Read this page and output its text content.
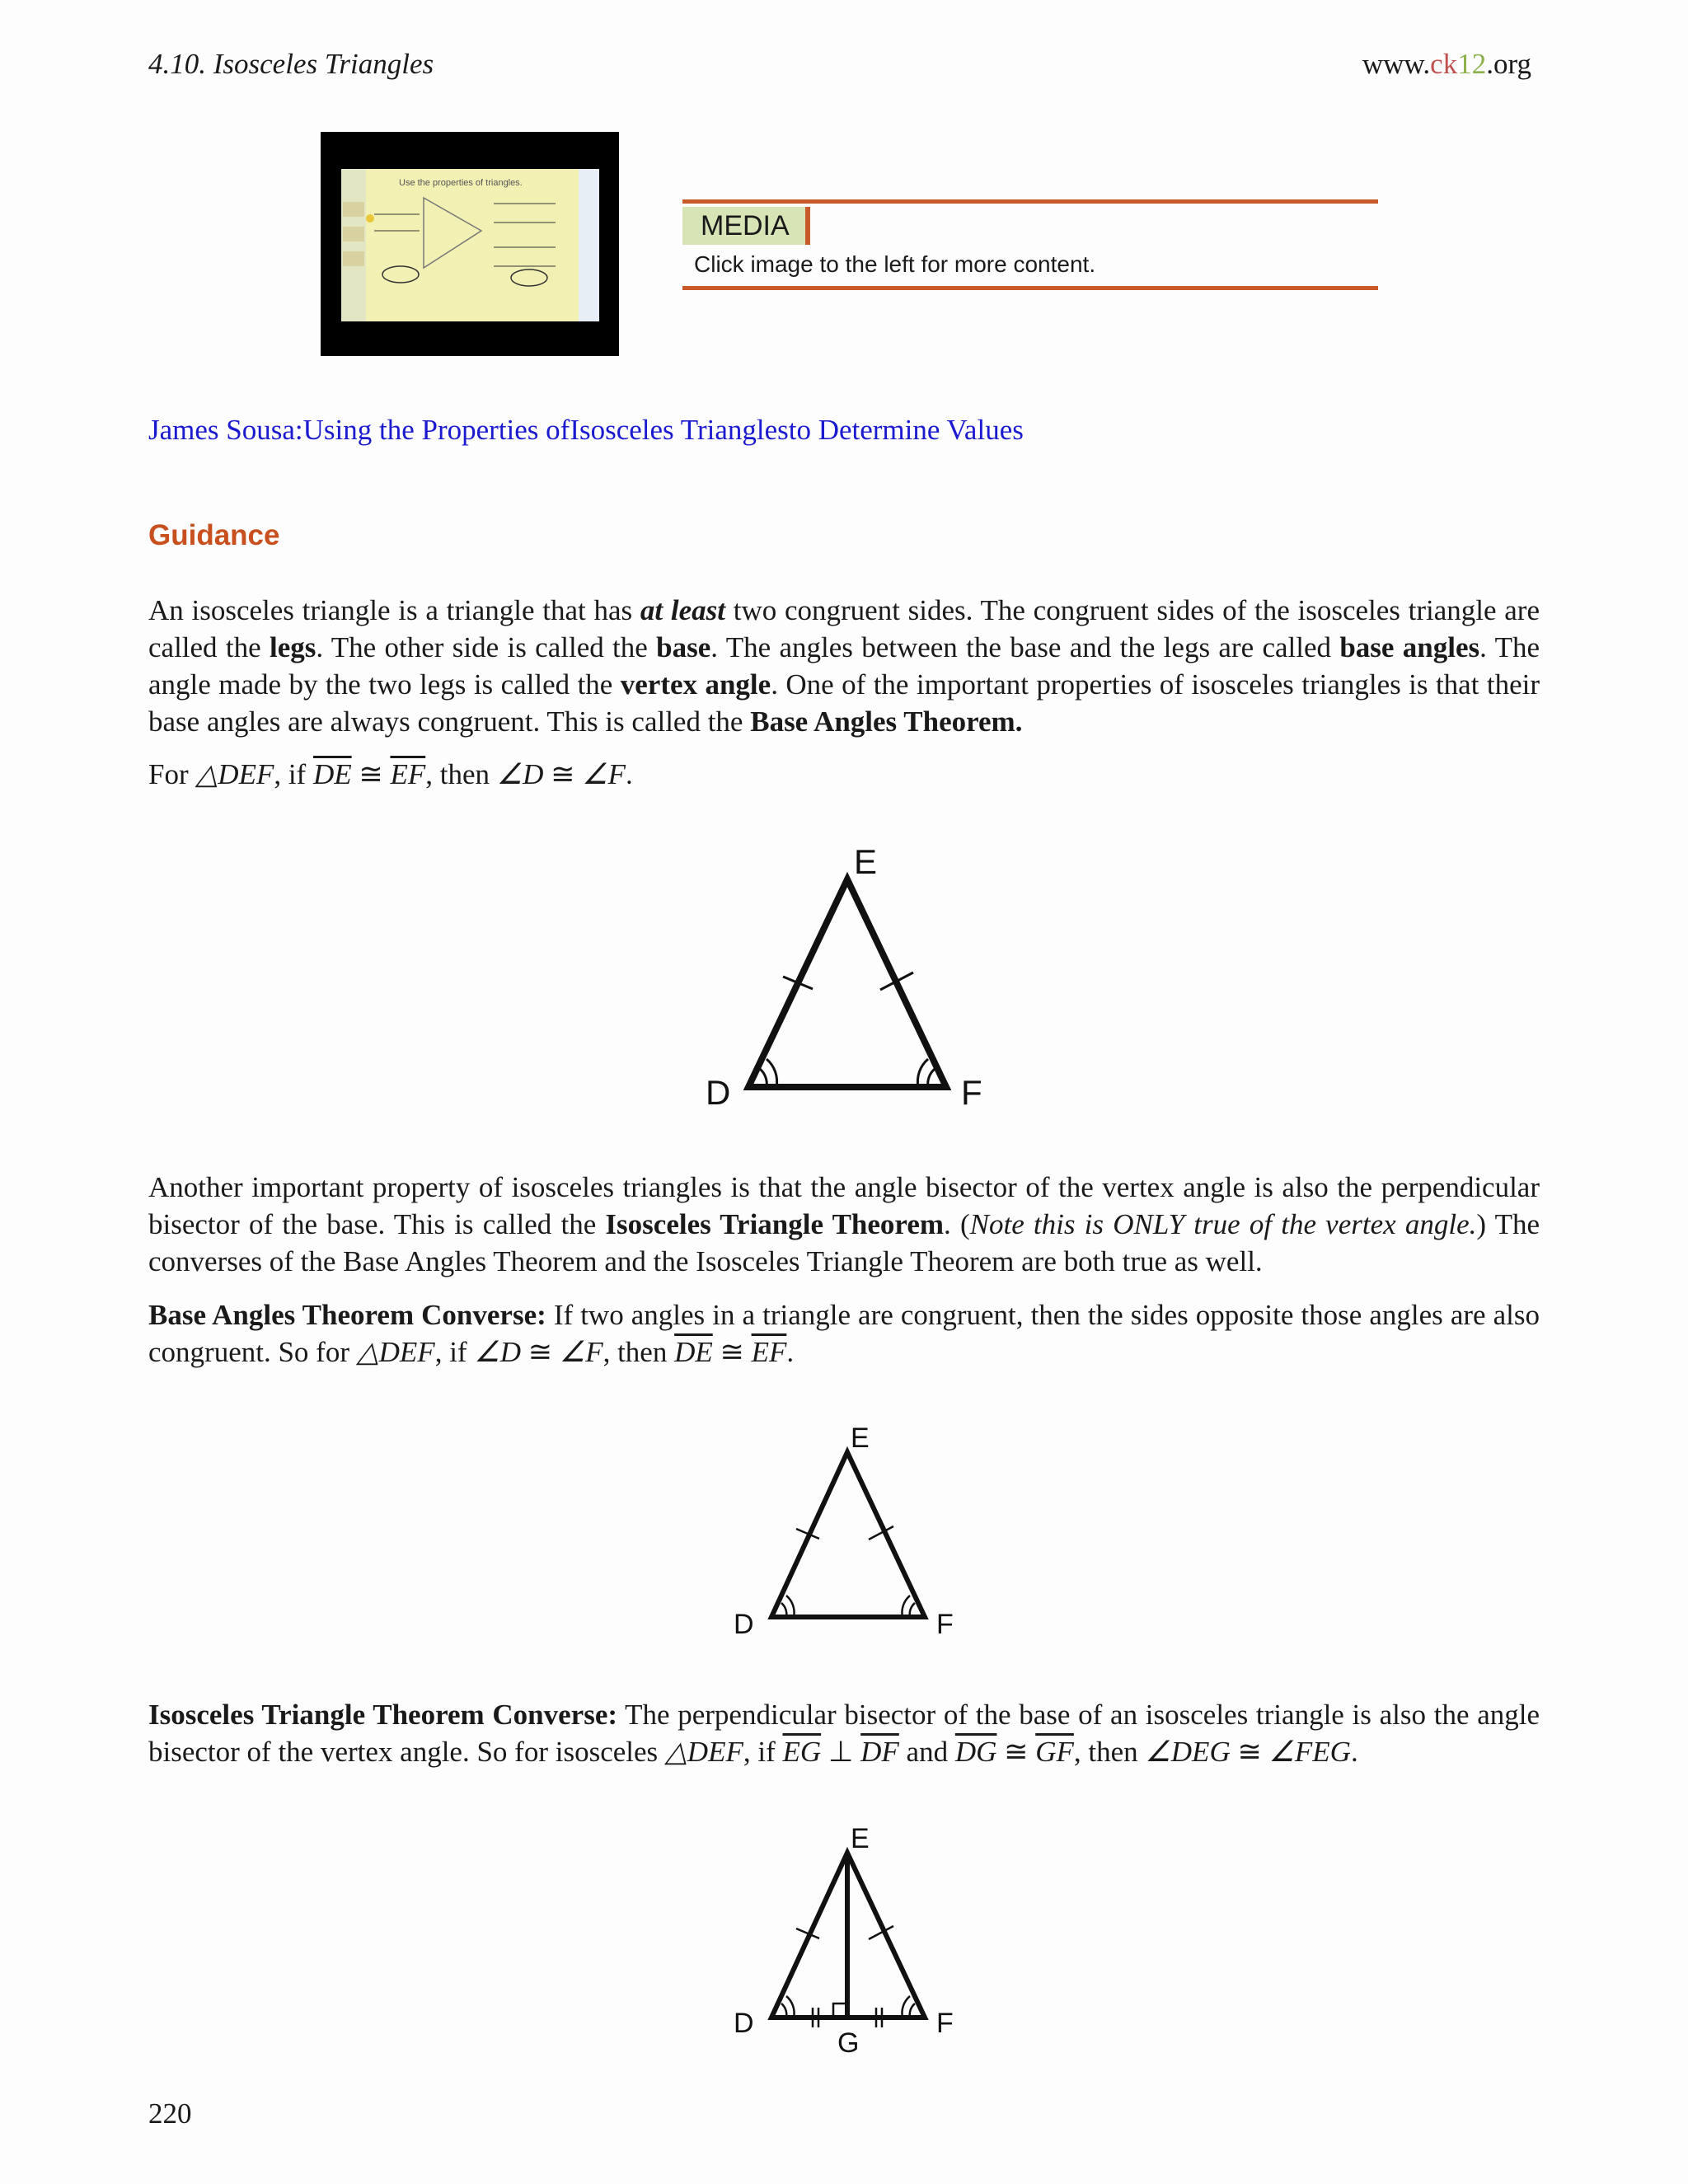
4.10. Isosceles Triangles	www.ck12.org
Use the properties of triangles.
MEDIA
Click image to the left for more content.
James Sousa:Using the Properties ofIsosceles Trianglesto Determine Values
Guidance
An isosceles triangle is a triangle that has at least two congruent sides. The congruent sides of the isosceles triangle are called the legs. The other side is called the base. The angles between the base and the legs are called base angles. The angle made by the two legs is called the vertex angle. One of the important properties of isosceles triangles is that their base angles are always congruent. This is called the Base Angles Theorem.
For △DEF, if $\overline{DE}$ ≅ $\overline{EF}$, then ∠D ≅ ∠F.
E
D	F
Another important property of isosceles triangles is that the angle bisector of the vertex angle is also the perpendicular bisector of the base. This is called the Isosceles Triangle Theorem. (Note this is ONLY true of the vertex angle.) The converses of the Base Angles Theorem and the Isosceles Triangle Theorem are both true as well.
Base Angles Theorem Converse: If two angles in a triangle are congruent, then the sides opposite those angles are also congruent. So for △DEF, if ∠D ≅ ∠F, then $\overline{DE}$ ≅ $\overline{EF}$.
E
D	F
Isosceles Triangle Theorem Converse: The perpendicular bisector of the base of an isosceles triangle is also the angle bisector of the vertex angle. So for isosceles △DEF, if $\overline{EG}$ ⊥ $\overline{DF}$ and $\overline{DG}$ ≅ $\overline{GF}$, then ∠DEG ≅ ∠FEG.
E
D	F
G
220
